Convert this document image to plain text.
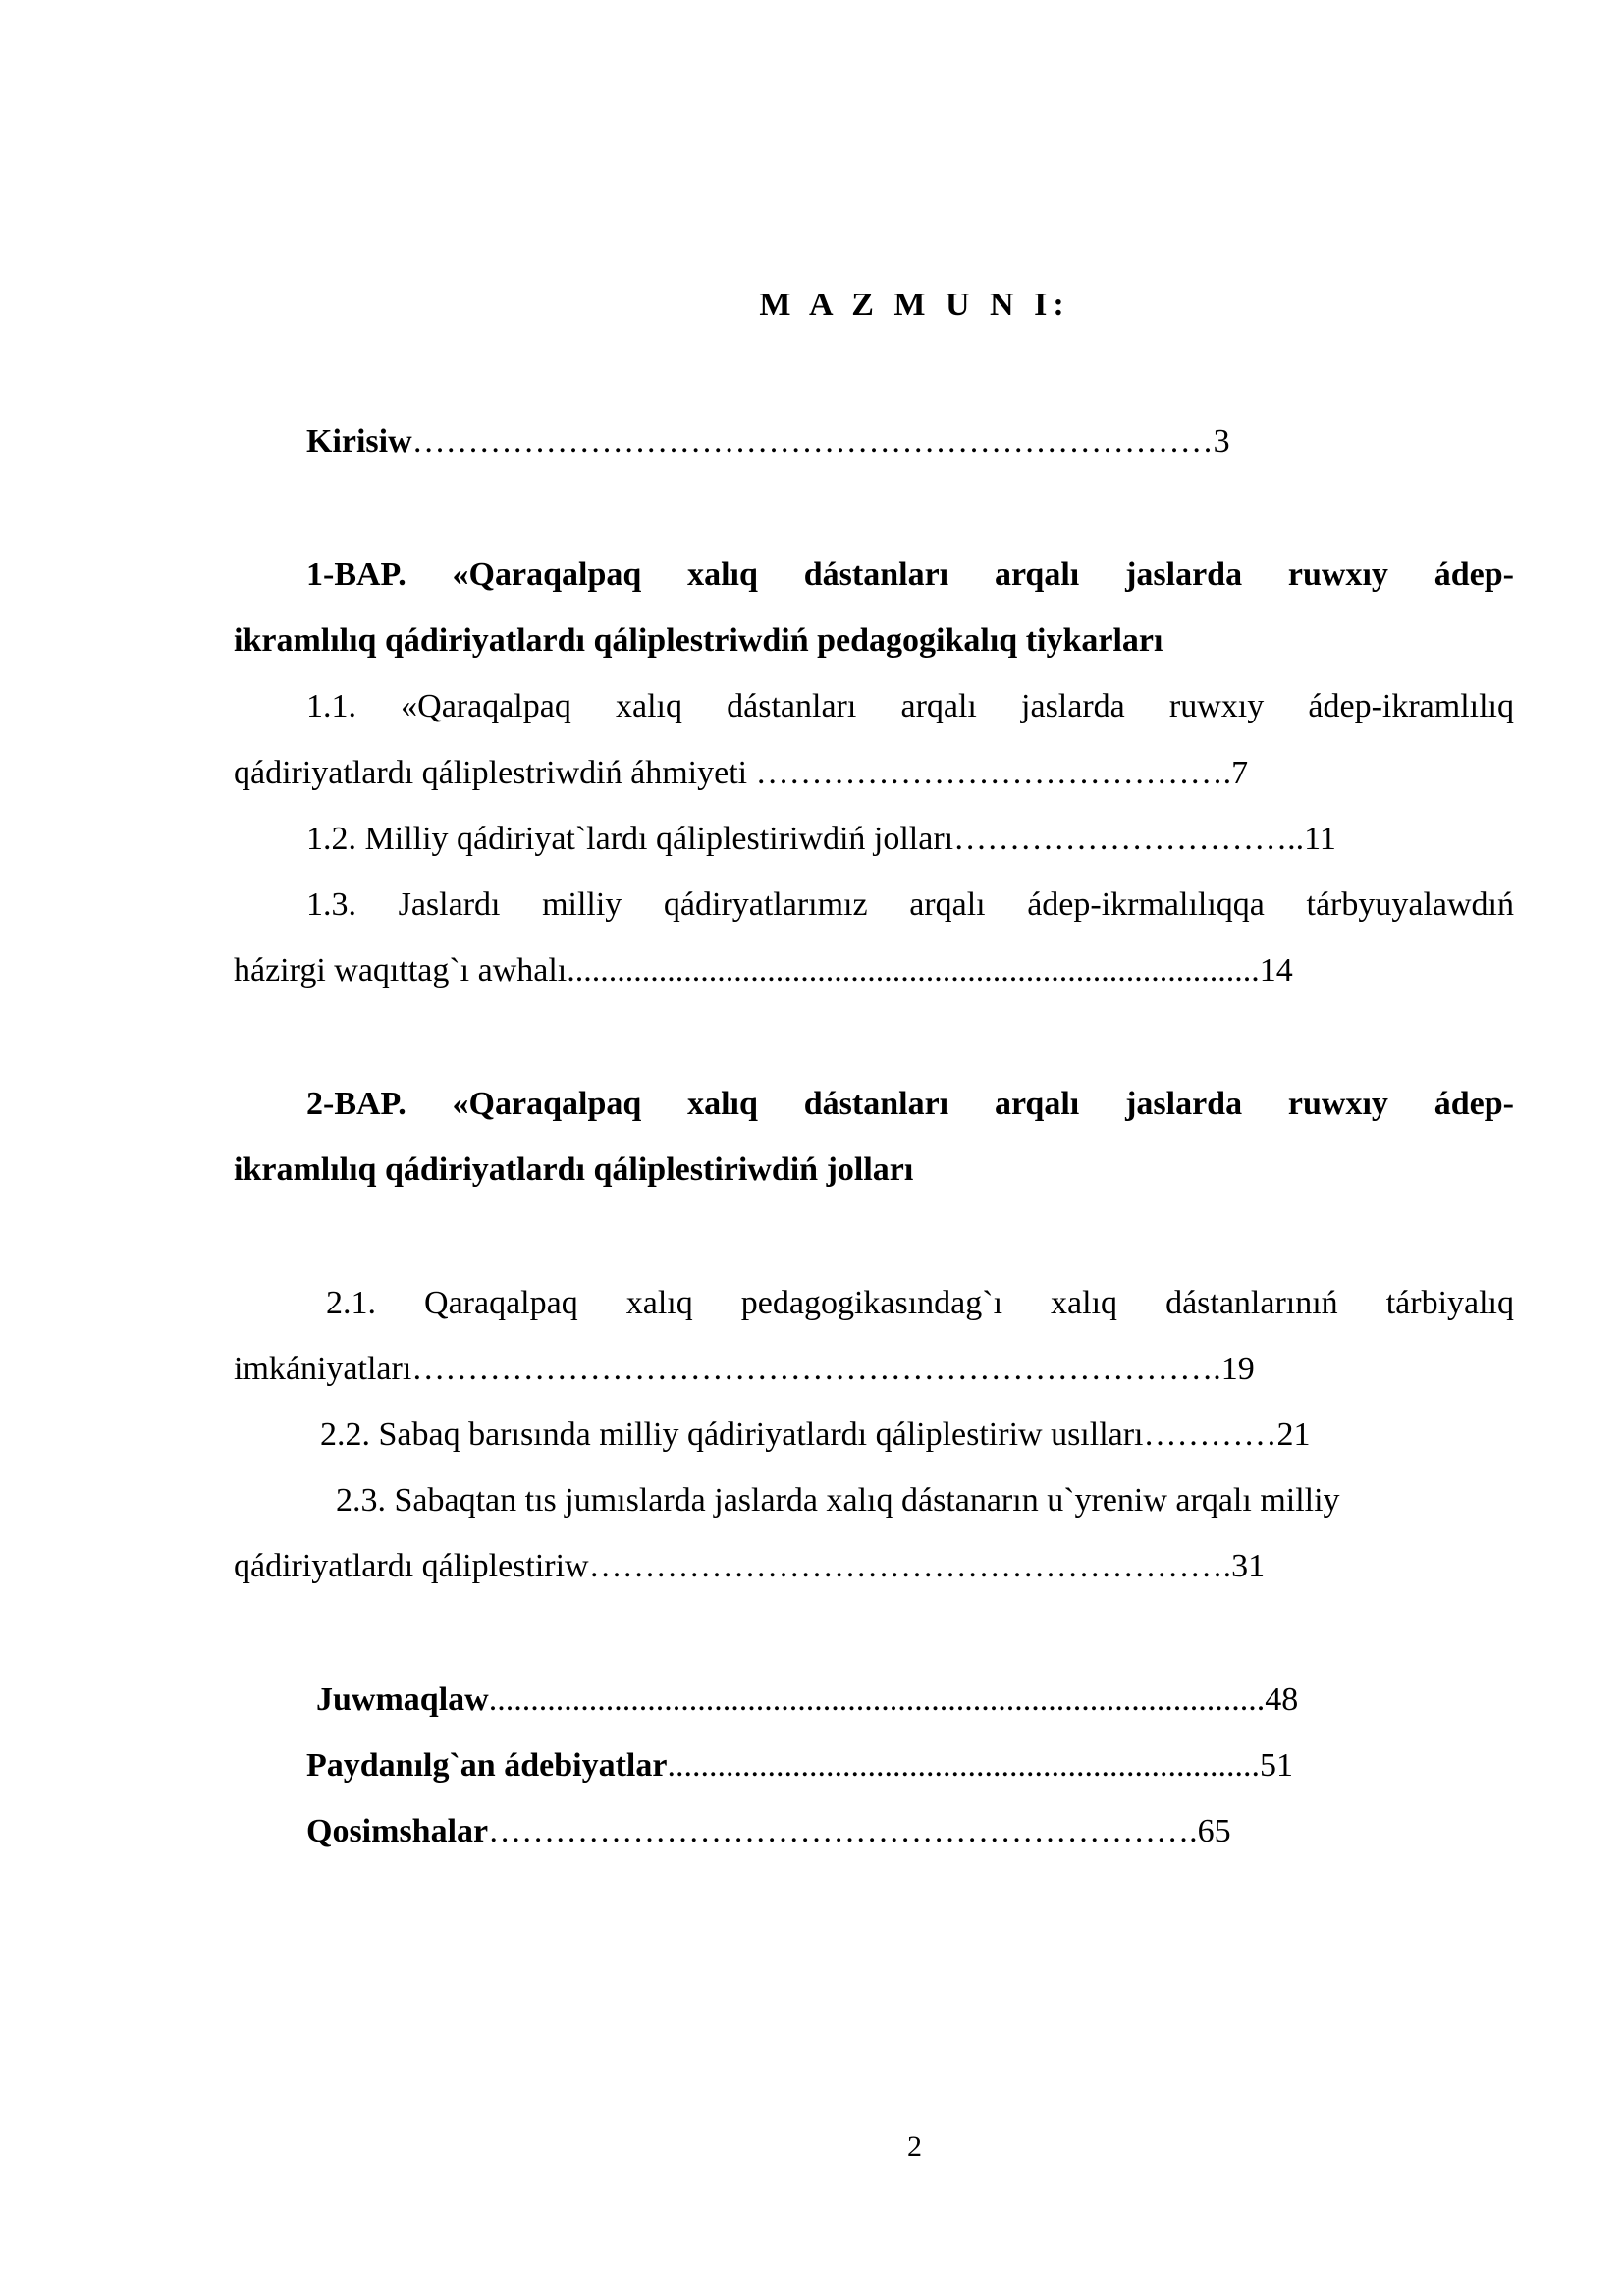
M A Z M U N I:
Kirisiw………………………………………………………………3
1-BAP. «Qaraqalpaq xalıq dástanları arqalı jaslarda ruwxıy ádep-
ikramlılıq qádiriyatlardı qáliplestriwdiń pedagogikalıq tiykarları
1.1. «Qaraqalpaq xalıq dástanları arqalı jaslarda ruwxıy ádep-ikramlılıq
qádiriyatlardı qáliplestriwdiń áhmiyeti …………………………………….7
1.2. Milliy qádiriyat`lardı qáliplestiriwdiń jolları…………………………..11
1.3. Jaslardı milliy qádiryatlarımız arqalı ádep-ikrmalılıqqa tárbyuyalawdıń
házirgi waqıttag`ı awhalı...................................................................................14
2-BAP. «Qaraqalpaq xalıq dástanları arqalı jaslarda ruwxıy ádep-
ikramlılıq qádiriyatlardı qáliplestiriwdiń jolları
2.1. Qaraqalpaq xalıq pedagogikasındag`ı xalıq dástanlarınıń tárbiyalıq
imkániyatları……………………………………………………………….19
2.2. Sabaq barısında milliy qádiriyatlardı qáliplestiriw usılları…………21
2.3. Sabaqtan tıs jumıslarda jaslarda xalıq dástanarın u`yreniw arqalı milliy
qádiriyatlardı qáliplestiriw………………………………………………….31
Juwmaqlaw.............................................................................................48
Paydanılg`an ádebiyatlar.......................................................................51
Qosimshalar……………………………………………………….65
2
